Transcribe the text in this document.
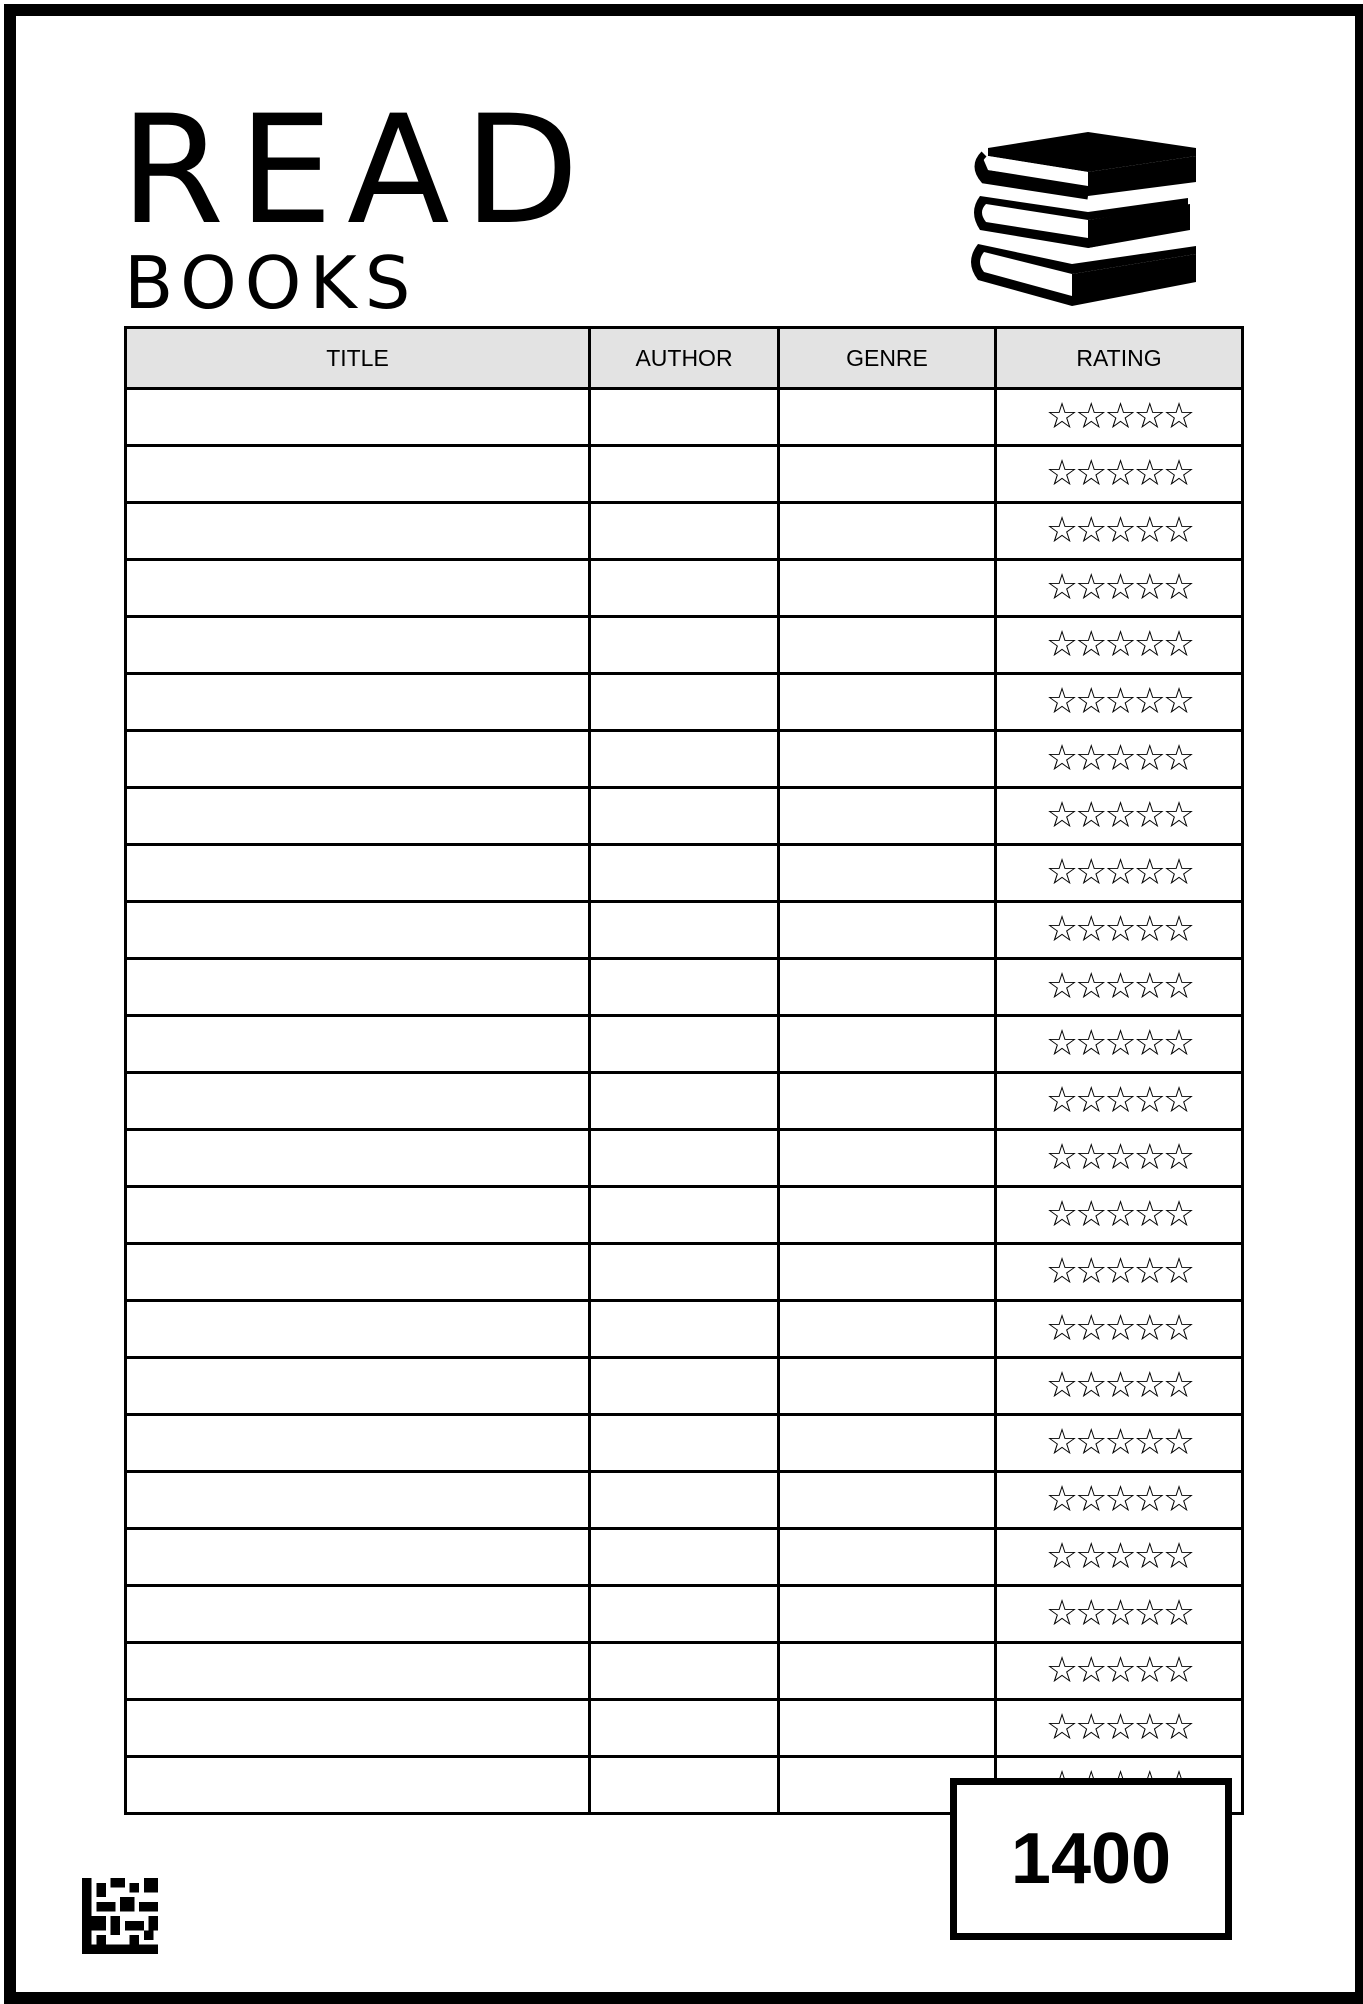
READ
BOOKS
TITLE	AUTHOR	GENRE	RATING
			☆☆☆☆☆
			☆☆☆☆☆
			☆☆☆☆☆
			☆☆☆☆☆
			☆☆☆☆☆
			☆☆☆☆☆
			☆☆☆☆☆
			☆☆☆☆☆
			☆☆☆☆☆
			☆☆☆☆☆
			☆☆☆☆☆
			☆☆☆☆☆
			☆☆☆☆☆
			☆☆☆☆☆
			☆☆☆☆☆
			☆☆☆☆☆
			☆☆☆☆☆
			☆☆☆☆☆
			☆☆☆☆☆
			☆☆☆☆☆
			☆☆☆☆☆
			☆☆☆☆☆
			☆☆☆☆☆
			☆☆☆☆☆

1400
